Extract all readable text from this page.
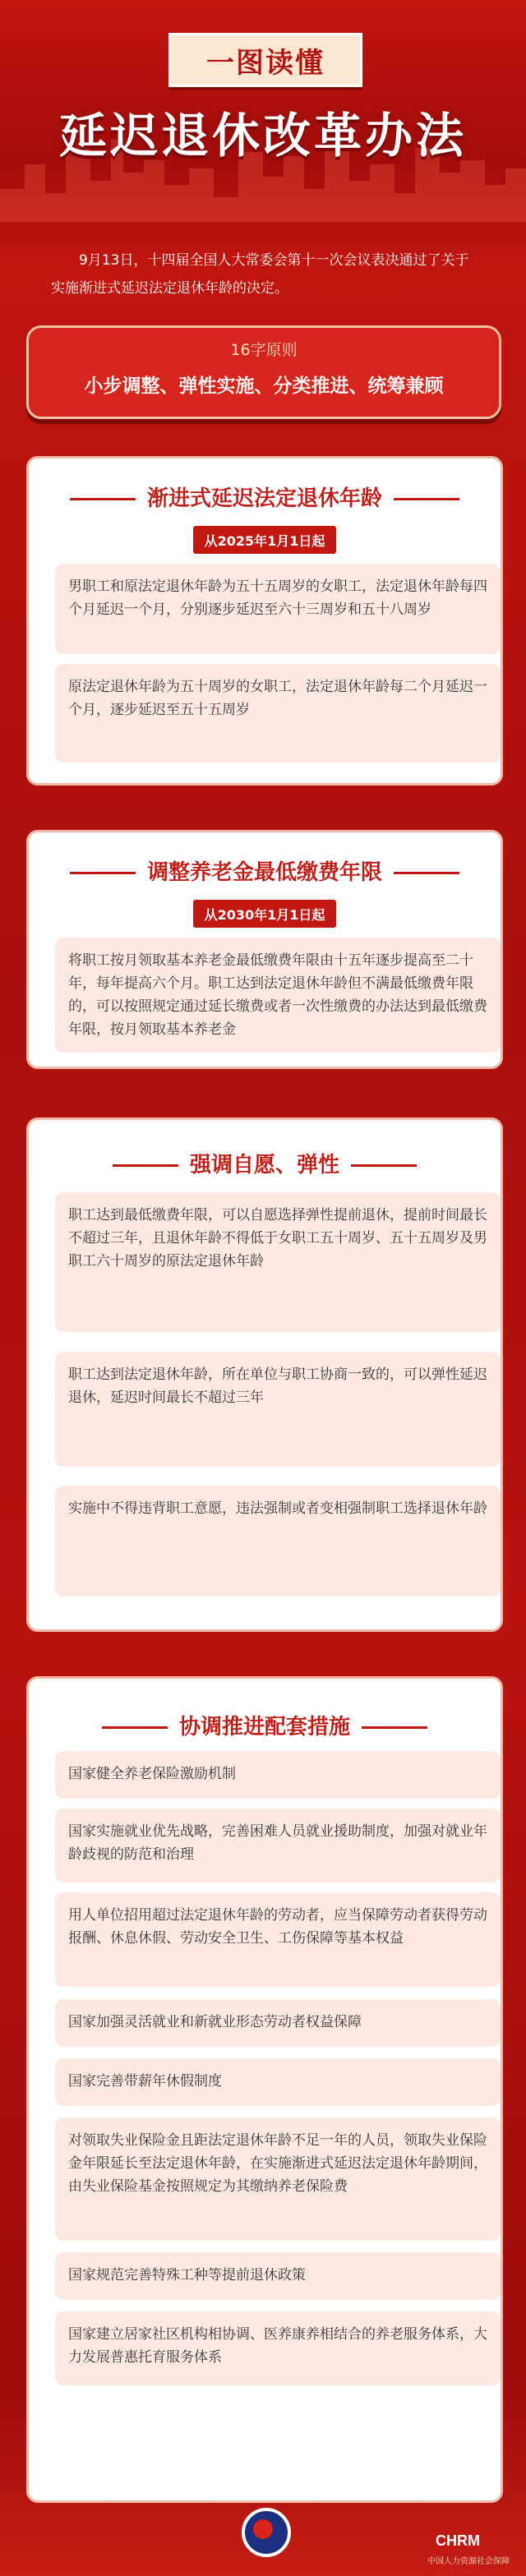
一图读懂
延迟退休改革办法
9月13日，十四届全国人大常委会第十一次会议表决通过了关于实施渐进式延迟法定退休年龄的决定。
16字原则
小步调整、弹性实施、分类推进、统筹兼顾
渐进式延迟法定退休年龄
从2025年1月1日起
男职工和原法定退休年龄为五十五周岁的女职工，法定退休年龄每四个月延迟一个月，分别逐步延迟至六十三周岁和五十八周岁
原法定退休年龄为五十周岁的女职工，法定退休年龄每二个月延迟一个月，逐步延迟至五十五周岁
调整养老金最低缴费年限
从2030年1月1日起
将职工按月领取基本养老金最低缴费年限由十五年逐步提高至二十年，每年提高六个月。职工达到法定退休年龄但不满最低缴费年限的，可以按照规定通过延长缴费或者一次性缴费的办法达到最低缴费年限，按月领取基本养老金
强调自愿、弹性
职工达到最低缴费年限，可以自愿选择弹性提前退休，提前时间最长不超过三年，且退休年龄不得低于女职工五十周岁、五十五周岁及男职工六十周岁的原法定退休年龄
职工达到法定退休年龄，所在单位与职工协商一致的，可以弹性延迟退休，延迟时间最长不超过三年
实施中不得违背职工意愿，违法强制或者变相强制职工选择退休年龄
协调推进配套措施
国家健全养老保险激励机制
国家实施就业优先战略，完善困难人员就业援助制度，加强对就业年龄歧视的防范和治理
用人单位招用超过法定退休年龄的劳动者，应当保障劳动者获得劳动报酬、休息休假、劳动安全卫生、工伤保障等基本权益
国家加强灵活就业和新就业形态劳动者权益保障
国家完善带薪年休假制度
对领取失业保险金且距法定退休年龄不足一年的人员，领取失业保险金年限延长至法定退休年龄，在实施渐进式延迟法定退休年龄期间，由失业保险基金按照规定为其缴纳养老保险费
国家规范完善特殊工种等提前退休政策
国家建立居家社区机构相协调、医养康养相结合的养老服务体系，大力发展普惠托育服务体系
CHRM
中国人力资源社会保障
